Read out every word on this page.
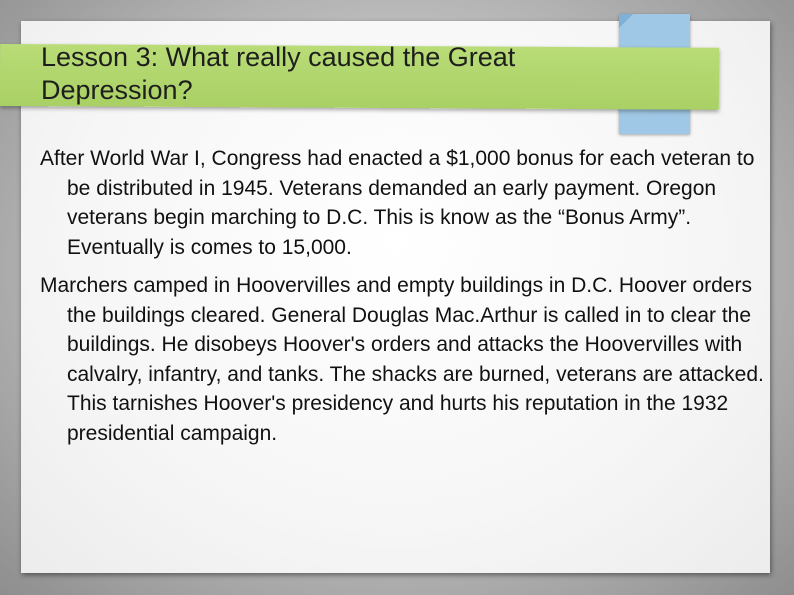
Lesson 3: What really caused the Great Depression?

After World War I, Congress had enacted a $1,000 bonus for each veteran to be distributed in 1945. Veterans demanded an early payment. Oregon veterans begin marching to D.C. This is know as the “Bonus Army”. Eventually is comes to 15,000.

Marchers camped in Hoovervilles and empty buildings in D.C. Hoover orders the buildings cleared. General Douglas Mac.Arthur is called in to clear the buildings. He disobeys Hoover's orders and attacks the Hoovervilles with calvalry, infantry, and tanks. The shacks are burned, veterans are attacked. This tarnishes Hoover's presidency and hurts his reputation in the 1932 presidential campaign.
